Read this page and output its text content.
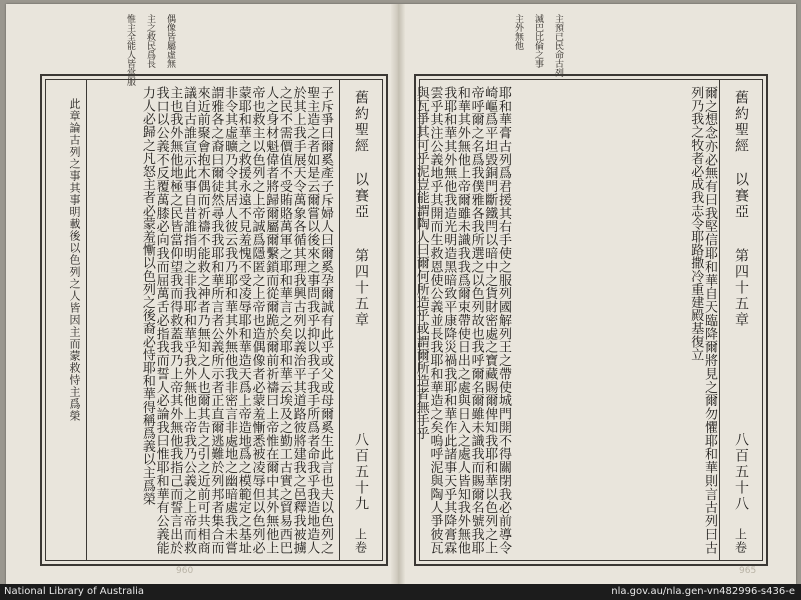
惟主全能人皆當服 主之救民爲長 偶像皆屬虛無
子斥爭曰爾奚產子斥婦人曰爾奚孕爾誠有此乎或父或母爾奚生此言也夫以色列之聖主造之者如是云爾嘗以後來之事問我乎抑以我子我手所爲者命我乎我造地造人於其上我手展天令萬象各循其理我興古列以義治平其道路彼將建我之邑釋我被擄之民不需價值不受賄賂萬軍之耶和華言之矣耶和華云埃及之勤工古實之貿易西巴人之身材魁偉者將歸爾屬爾繫鎖而從爾跪於爾前祈禱曰上帝惟在爾中其外無他上帝也救主以色列之上帝誠爲隱匿之上帝也造偶像者必蒙羞慚悉被凌辱但以色列必蒙耶和華之救援永遠不見羞愧不受凌辱耶和華造天爲上帝造地爲之模範定之基址非令其虛曠乃令其居人彼云我乃耶和華其外無他我非密言非處地之幽暗處我未嘗謂雅各之裔曰爾徒然尋我我耶和華所言者公義所示者正直爾逃難於列邦者集合而來近前聚會抱木偶而祈禱不能救之神者乃無知之人也爾其告之引之近前可共相商議自古誰宣示此事自昔誰指明之非我耶和華乎我外無他上帝我乃公義之上帝而救主也我外無他地極之民皆當仰望我而得救蓋我乃上帝其外無他我指己而誓言出於我口以公義不反覆萬膝必向我而屈萬舌必指我而誓人必論我曰惟耶和華有公義能力人必歸之凡怒主者必蒙羞慚以色列之後裔必恃耶和華得稱爲義以主爲榮	舊約聖經
以賽亞
第四十五章
八百五十九
上卷
此章論古列之事其事明載後以色列之人皆因主而蒙救恃主爲榮
960
主外無他 滅巴比倫之事 主預已民命古列
耶和華膏古列爲君援其右手使之服列國解列王之帶使城門開不得關閉我必前導令崎嶇爲平坦毀銅門斷鐵閂以暗中之貨財密處之寶藏賜爾俾知我耶和華以色列之上帝呼爾之名爲我僕雅各我所選之以色列故也我呼爾名爾雖未識我而賜爾名號我耶和華其外無他上帝爾雖未識我我爲爾束帶使日出之處與日入之處人皆知我外無他我耶和華其外無他我造光明造黑暗致平康降災禍我耶和華作此諸事天乎其降膏霖雲乎其注公義地乎其開而生救恩使公義並長我耶和華造之矣嗚呼泥與陶人爭彼瓦與瓦爭其可乎泥豈能謂陶人曰爾何所造乎或謂爾所造者無手乎	爾之想念亦必無有曰我堅信耶和華自天臨降爾將見之爾勿懼耶和華則言古列曰古列乃我之牧者必成我志令耶路撒冷重建殿基復立	舊約聖經
以賽亞
第四十五章
八百五十八
上卷
965
National Library of Australia	nla.gov.au/nla.gen-vn482996-s436-e
